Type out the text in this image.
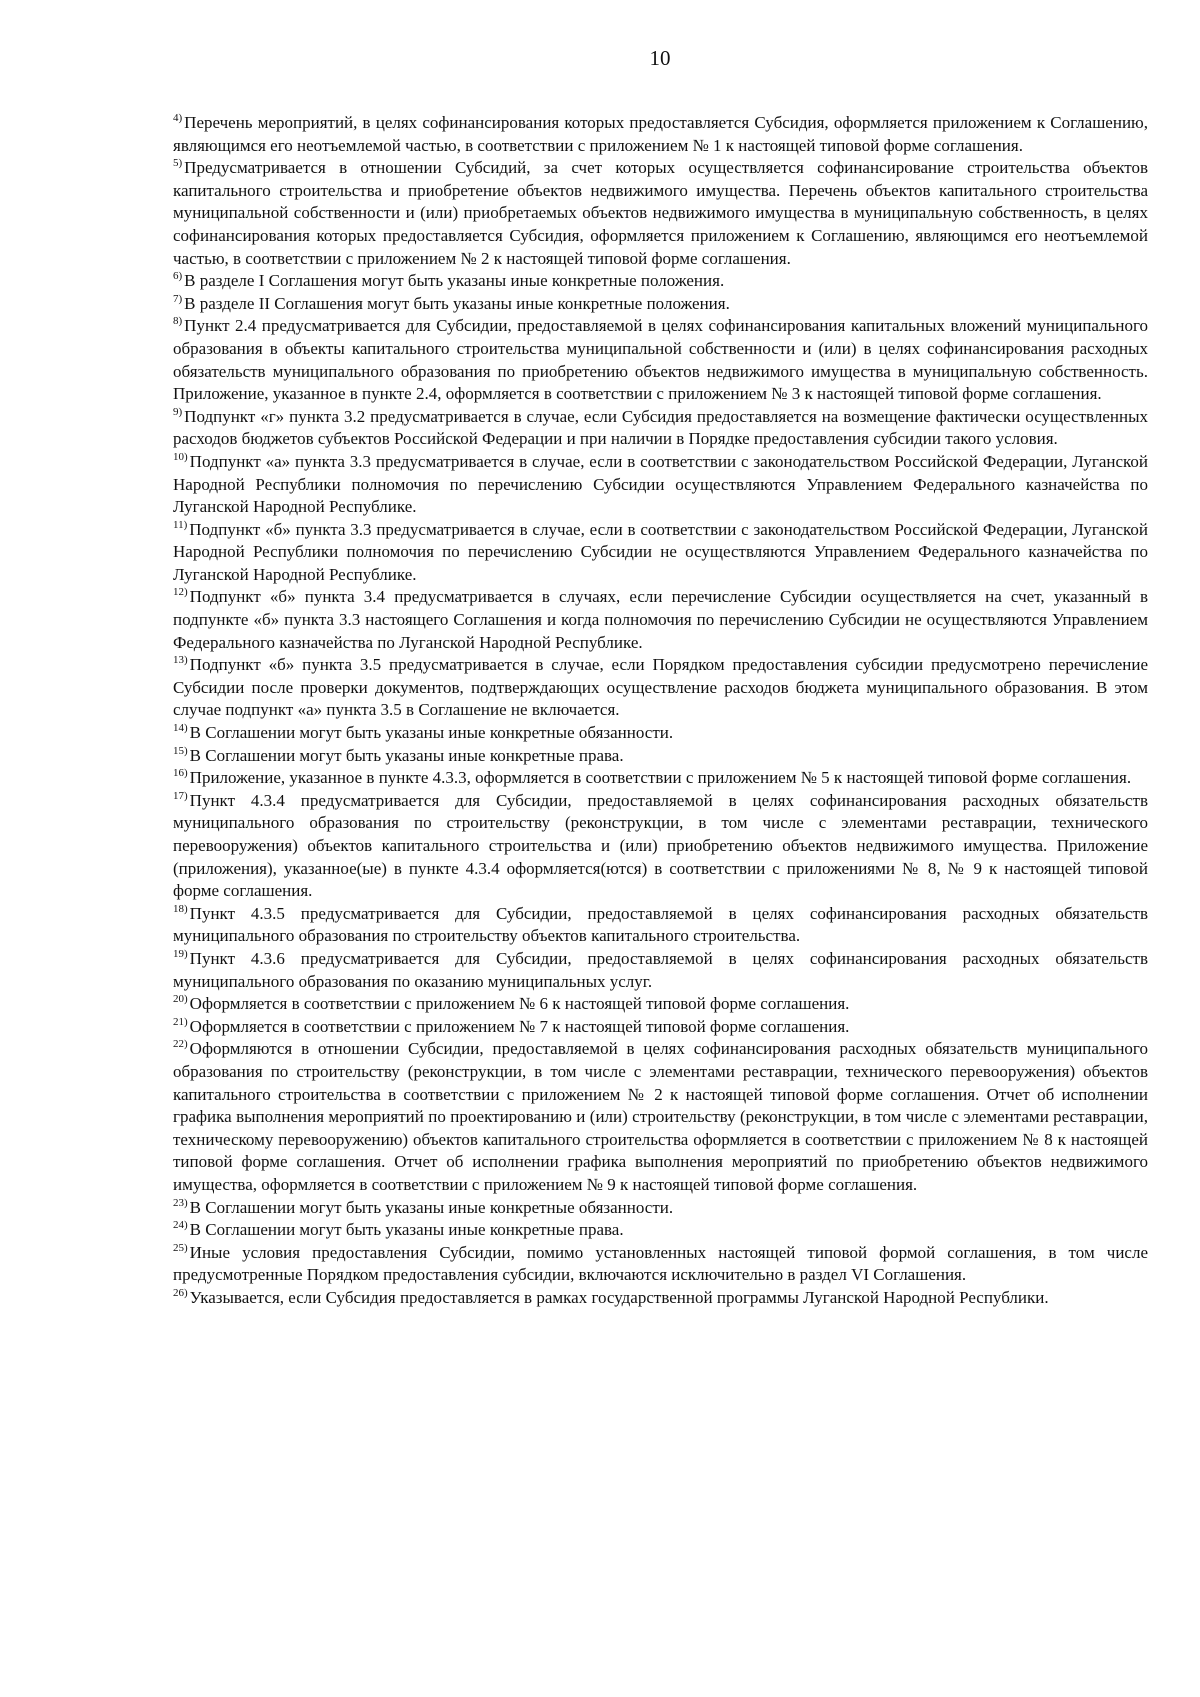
10

$^{4)}$ Перечень мероприятий, в целях софинансирования которых предоставляется Субсидия, оформляется приложением к Соглашению, являющимся его неотъемлемой частью, в соответствии с приложением № 1 к настоящей типовой форме соглашения.

$^{5)}$ Предусматривается в отношении Субсидий, за счет которых осуществляется софинансирование строительства объектов капитального строительства и приобретение объектов недвижимого имущества. Перечень объектов капитального строительства муниципальной собственности и (или) приобретаемых объектов недвижимого имущества в муниципальную собственность, в целях софинансирования которых предоставляется Субсидия, оформляется приложением к Соглашению, являющимся его неотъемлемой частью, в соответствии с приложением № 2 к настоящей типовой форме соглашения.

$^{6)}$ В разделе I Соглашения могут быть указаны иные конкретные положения.

$^{7)}$ В разделе II Соглашения могут быть указаны иные конкретные положения.

$^{8)}$ Пункт 2.4 предусматривается для Субсидии, предоставляемой в целях софинансирования капитальных вложений муниципального образования в объекты капитального строительства муниципальной собственности и (или) в целях софинансирования расходных обязательств муниципального образования по приобретению объектов недвижимого имущества в муниципальную собственность. Приложение, указанное в пункте 2.4, оформляется в соответствии с приложением № 3 к настоящей типовой форме соглашения.

$^{9)}$ Подпункт «г» пункта 3.2 предусматривается в случае, если Субсидия предоставляется на возмещение фактически осуществленных расходов бюджетов субъектов Российской Федерации и при наличии в Порядке предоставления субсидии такого условия.

$^{10)}$ Подпункт «а» пункта 3.3 предусматривается в случае, если в соответствии с законодательством Российской Федерации, Луганской Народной Республики полномочия по перечислению Субсидии осуществляются Управлением Федерального казначейства по Луганской Народной Республике.

$^{11)}$ Подпункт «б» пункта 3.3 предусматривается в случае, если в соответствии с законодательством Российской Федерации, Луганской Народной Республики полномочия по перечислению Субсидии не осуществляются Управлением Федерального казначейства по Луганской Народной Республике.

$^{12)}$ Подпункт «б» пункта 3.4 предусматривается в случаях, если перечисление Субсидии осуществляется на счет, указанный в подпункте «б» пункта 3.3 настоящего Соглашения и когда полномочия по перечислению Субсидии не осуществляются Управлением Федерального казначейства по Луганской Народной Республике.

$^{13)}$ Подпункт «б» пункта 3.5 предусматривается в случае, если Порядком предоставления субсидии предусмотрено перечисление Субсидии после проверки документов, подтверждающих осуществление расходов бюджета муниципального образования. В этом случае подпункт «а» пункта 3.5 в Соглашение не включается.

$^{14)}$ В Соглашении могут быть указаны иные конкретные обязанности.

$^{15)}$ В Соглашении могут быть указаны иные конкретные права.

$^{16)}$ Приложение, указанное в пункте 4.3.3, оформляется в соответствии с приложением № 5 к настоящей типовой форме соглашения.

$^{17)}$ Пункт 4.3.4 предусматривается для Субсидии, предоставляемой в целях софинансирования расходных обязательств муниципального образования по строительству (реконструкции, в том числе с элементами реставрации, технического перевооружения) объектов капитального строительства и (или) приобретению объектов недвижимого имущества. Приложение (приложения), указанное(ые) в пункте 4.3.4 оформляется(ются) в соответствии с приложениями № 8, № 9 к настоящей типовой форме соглашения.

$^{18)}$ Пункт 4.3.5 предусматривается для Субсидии, предоставляемой в целях софинансирования расходных обязательств муниципального образования по строительству объектов капитального строительства.

$^{19)}$ Пункт 4.3.6 предусматривается для Субсидии, предоставляемой в целях софинансирования расходных обязательств муниципального образования по оказанию муниципальных услуг.

$^{20)}$ Оформляется в соответствии с приложением № 6 к настоящей типовой форме соглашения.

$^{21)}$ Оформляется в соответствии с приложением № 7 к настоящей типовой форме соглашения.

$^{22)}$ Оформляются в отношении Субсидии, предоставляемой в целях софинансирования расходных обязательств муниципального образования по строительству (реконструкции, в том числе с элементами реставрации, технического перевооружения) объектов капитального строительства в соответствии с приложением № 2 к настоящей типовой форме соглашения. Отчет об исполнении графика выполнения мероприятий по проектированию и (или) строительству (реконструкции, в том числе с элементами реставрации, техническому перевооружению) объектов капитального строительства оформляется в соответствии с приложением № 8 к настоящей типовой форме соглашения. Отчет об исполнении графика выполнения мероприятий по приобретению объектов недвижимого имущества, оформляется в соответствии с приложением № 9 к настоящей типовой форме соглашения.

$^{23)}$ В Соглашении могут быть указаны иные конкретные обязанности.

$^{24)}$ В Соглашении могут быть указаны иные конкретные права.

$^{25)}$ Иные условия предоставления Субсидии, помимо установленных настоящей типовой формой соглашения, в том числе предусмотренные Порядком предоставления субсидии, включаются исключительно в раздел VI Соглашения.

$^{26)}$ Указывается, если Субсидия предоставляется в рамках государственной программы Луганской Народной Республики.
